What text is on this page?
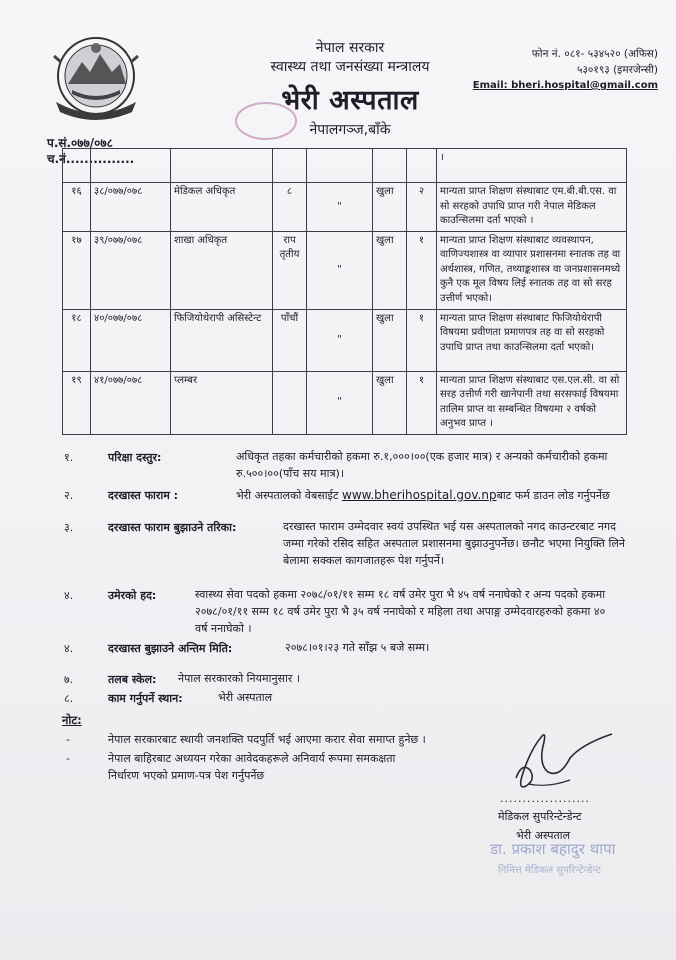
नेपाल सरकार
स्वास्थ्य तथा जनसंख्या मन्त्रालय
भेरी अस्पताल
नेपालगञ्ज,बाँके
फोन नं. ०८१- ५३४५२० (अफिस)
५३०१९३ (इमरजेन्सी)
Email: bheri.hospital@gmail.com
प.सं.०७७/०७८
च.नं...............
								।
१६	३८/०७७/०७८	मेडिकल अधिकृत	८	"	खुला	२	मान्यता प्राप्त शिक्षण संस्थाबाट एम.बी.बी.एस. वा सो सरहको उपाधि प्राप्त गरी नेपाल मेडिकल काउन्सिलमा दर्ता भएको ।
१७	३९/०७७/०७८	शाखा अधिकृत	राप तृतीय	"	खुला	१	मान्यता प्राप्त शिक्षण संस्थाबाट व्यवस्थापन, वाणिज्यशास्त्र वा व्यापार प्रशासनमा स्नातक तह वा अर्थशास्त्र, गणित, तथ्याङ्कशास्त्र वा जनप्रशासनमध्ये कुनै एक मूल विषय लिई स्नातक तह वा सो सरह उत्तीर्ण भएको।
१८	४०/०७७/०७८	फिजियोथेरापी असिस्टेन्ट	पाँचौं	"	खुला	१	मान्यता प्राप्त शिक्षण संस्थाबाट फिजियोथेरापी विषयमा प्रवीणता प्रमाणपत्र तह वा सो सरहको उपाधि प्राप्त तथा काउन्सिलमा दर्ता भएको।
१९	४१/०७७/०७८	प्लम्बर		"	खुला	१	मान्यता प्राप्त शिक्षण संस्थाबाट एस.एल.सी. वा सो सरह उत्तीर्ण गरी खानेपानी तथा सरसफाई विषयमा तालिम प्राप्त वा सम्बन्धित विषयमा २ वर्षको अनुभव प्राप्त ।
१.	परिक्षा दस्तुर:	अधिकृत तहका कर्मचारीको हकमा रु.१,०००।००(एक हजार मात्र) र अन्यको कर्मचारीको हकमा रु.५००।००(पाँच सय मात्र)।
२.	दरखास्त फाराम :	भेरी अस्पतालको वेबसाईट www.bherihospital.gov.npबाट फर्म डाउन लोड गर्नुपर्नेछ
३.	दरखास्त फाराम बुझाउने तरिका:	दरखास्त फाराम उम्मेदवार स्वयं उपस्थित भई यस अस्पतालको नगद काउन्टरबाट नगद जम्मा गरेको रसिद सहित अस्पताल प्रशासनमा बुझाउनुपर्नेछ। छनौट भएमा नियुक्ति लिने बेलामा सक्कल कागजातहरू पेश गर्नुपर्ने।
४.	उमेरको हद:	स्वास्थ्य सेवा पदको हकमा २०७८/०१/११ सम्म १८ वर्ष उमेर पुरा भै ४५ वर्ष ननाघेको र अन्य पदको हकमा २०७८/०१/११ सम्म १८ वर्ष उमेर पुरा भै ३५ वर्ष ननाघेको र महिला तथा अपाङ्ग उम्मेदवारहरुको हकमा ४० वर्ष ननाघेको ।
४.	दरखास्त बुझाउने अन्तिम मिति:	२०७८।०१।२३ गते साँझ ५ बजे सम्म।
७.	तलब स्केल: नेपाल सरकारको नियमानुसार ।
८.	काम गर्नुपर्ने स्थान:	भेरी अस्पताल
नोट:
-	नेपाल सरकारबाट स्थायी जनशक्ति पदपुर्ति भई आएमा करार सेवा समाप्त हुनेछ ।
-	नेपाल बाहिरबाट अध्ययन गरेका आवेदकहरूले अनिवार्य रूपमा समकक्षता निर्धारण भएको प्रमाण-पत्र पेश गर्नुपर्नेछ
....................
मेडिकल सुपरिन्टेन्डेन्ट
भेरी अस्पताल
डा. प्रकाश बहादुर थापा
निमित्त मेडिकल सुपरिन्टेन्डेन्ट
